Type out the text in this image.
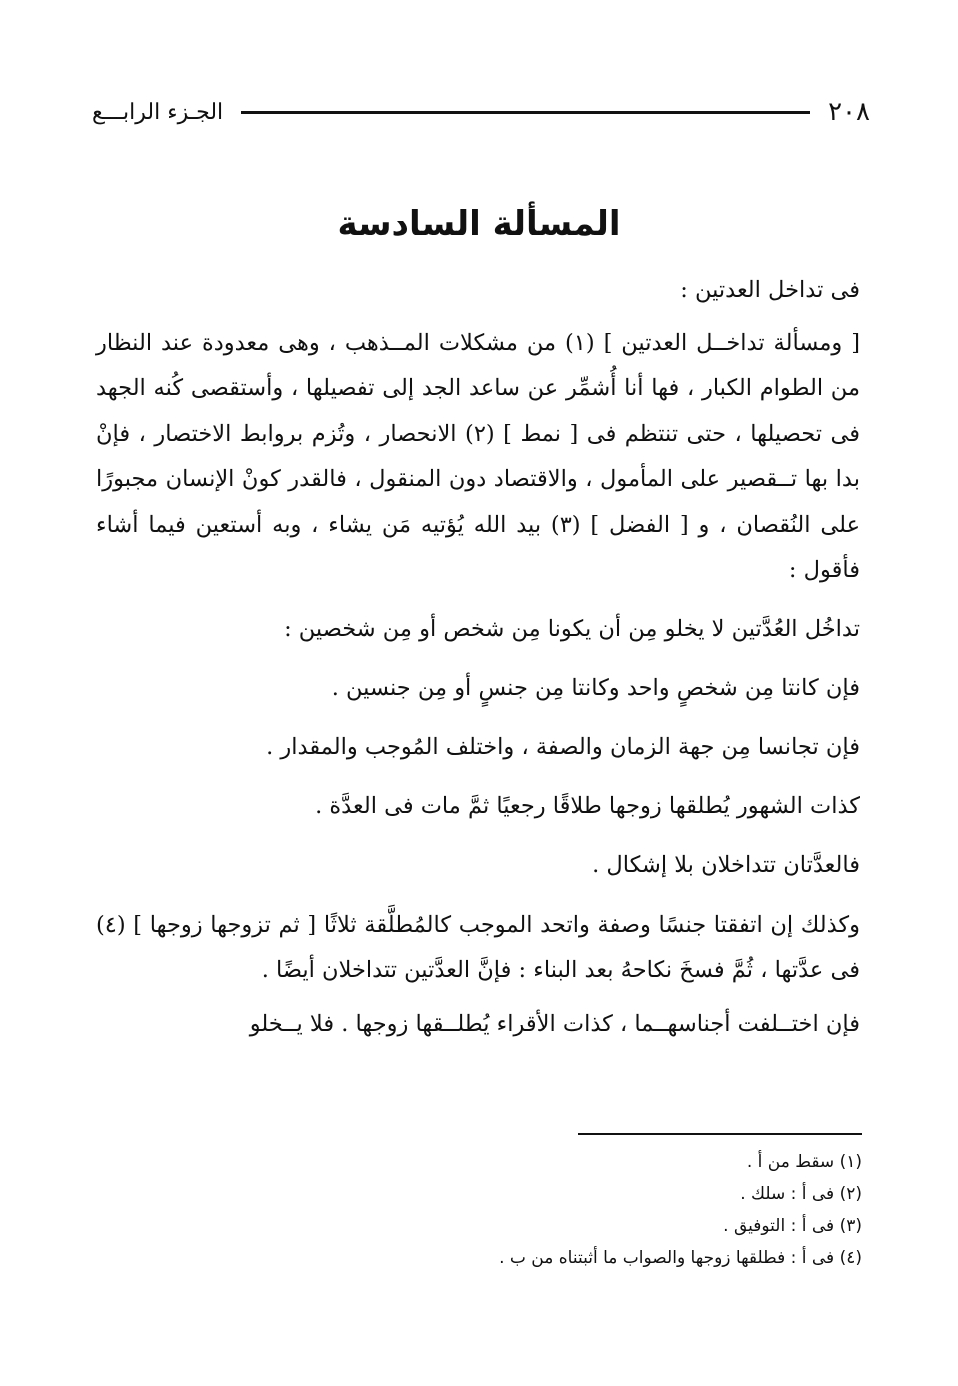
٢٠٨
الجـزء الرابـــع
المسألة السادسة

فى تداخل العدتين :

[ ومسألة تداخــل العدتين ] (١) من مشكلات المــذهب ، وهى معدودة عند النظار من الطوام الكبار ، فها أنا أُشمِّر عن ساعد الجد إلى تفصيلها ، وأستقصى كُنه الجهد فى تحصيلها ، حتى تنتظم فى [ نمط ] (٢) الانحصار ، وتُزم بروابط الاختصار ، فإنْ بدا بها تــقصير على المأمول ، والاقتصاد دون المنقول ، فالقدر كونْ الإنسان مجبورًا على النُقصان ، و [ الفضل ] (٣) بيد الله يُؤتيه مَن يشاء ، وبه أستعين فيما أشاء فأقول :

تداخُل العُدَّتين لا يخلو مِن أن يكونا مِن شخص أو مِن شخصين :
فإن كانتا مِن شخصٍ واحد وكانتا مِن جنسٍ أو مِن جنسين .
فإن تجانسا مِن جهة الزمان والصفة ، واختلف المُوجب والمقدار .
كذات الشهور يُطلقها زوجها طلاقًا رجعيًا ثمَّ مات فى العدَّة .
فالعدَّتان تتداخلان بلا إشكال .

وكذلك إن اتفقتا جنسًا وصفة واتحد الموجب كالمُطلَّقة ثلاثًا [ ثم تزوجها زوجها ] (٤) فى عدَّتها ، ثُمَّ فسخَ نكاحهُ بعد البناء : فإنَّ العدَّتين تتداخلان أيضًا .

فإن اختــلفت أجناسهــما ، كذات الأقراء يُطلــقها زوجها . فلا يــخلو

(١) سقط من أ .
(٢) فى أ : سلك .
(٣) فى أ : التوفيق .
(٤) فى أ : فطلقها زوجها والصواب ما أثبتناه من ب .
